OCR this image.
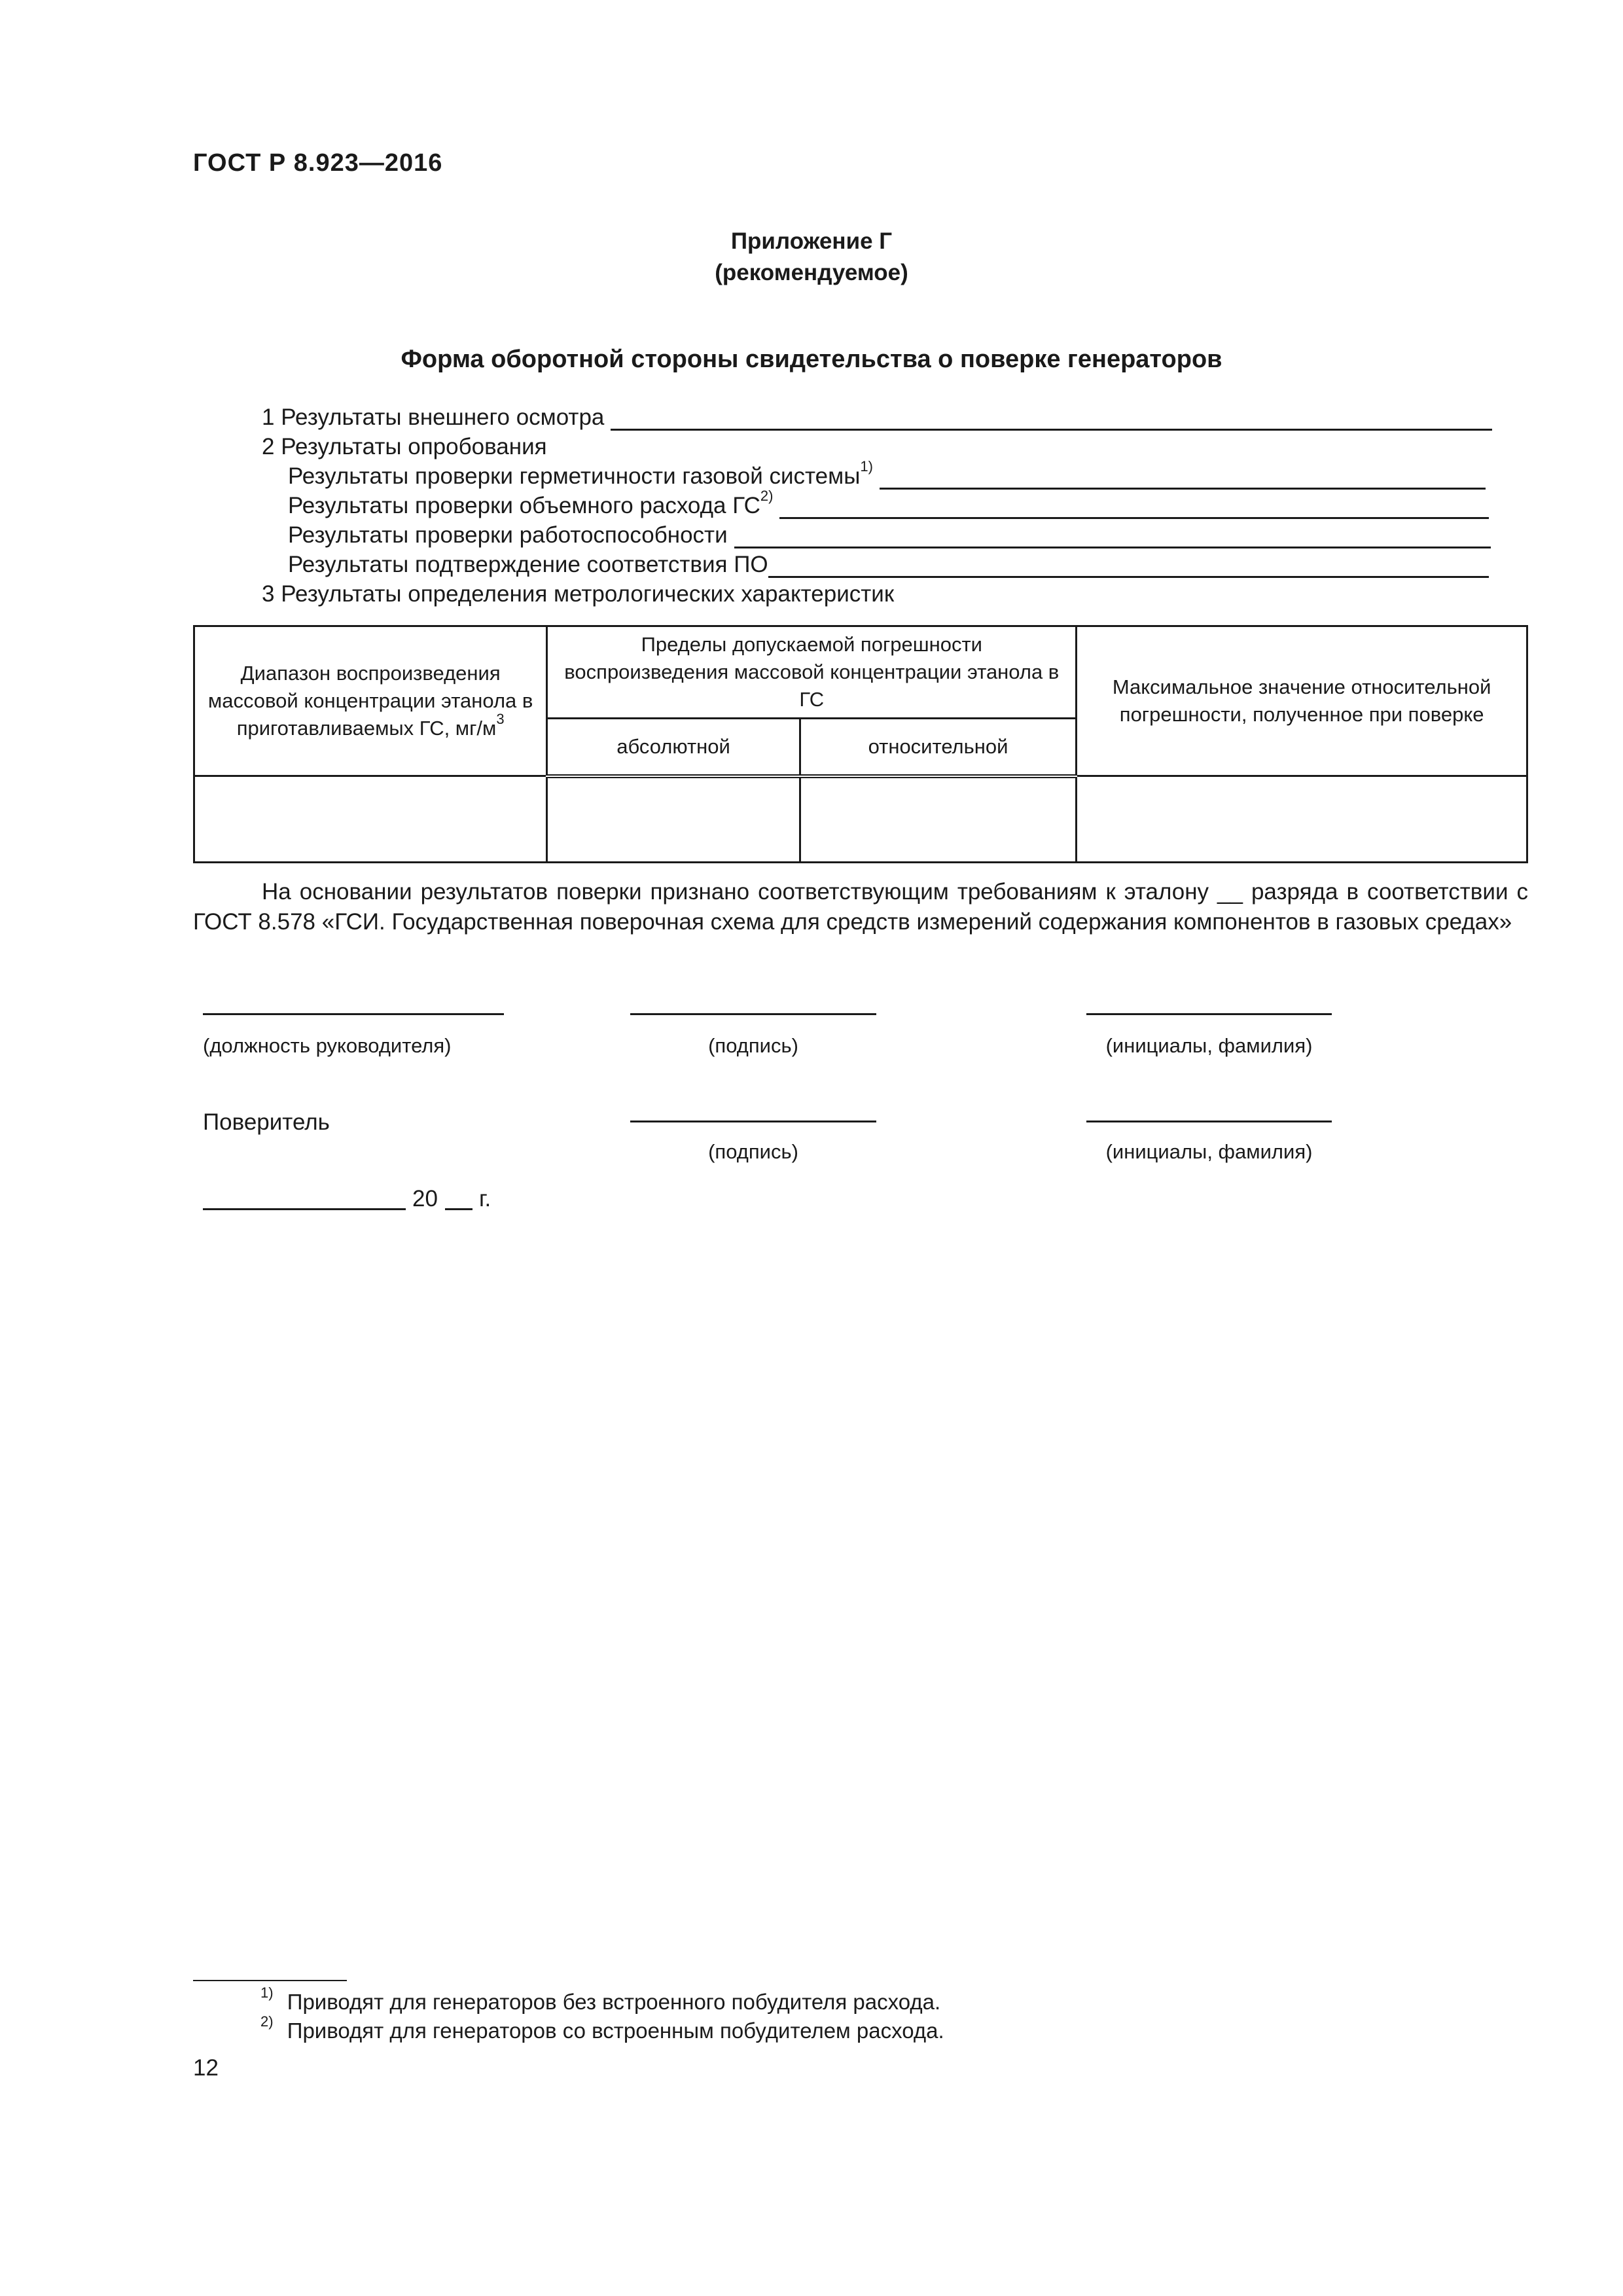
ГОСТ Р 8.923—2016
Приложение Г
(рекомендуемое)
Форма оборотной стороны свидетельства о поверке генераторов
1 Результаты внешнего осмотра
2 Результаты опробования
Результаты проверки герметичности газовой системы$^{1)}$
Результаты проверки объемного расхода ГС$^{2)}$
Результаты проверки работоспособности
Результаты подтверждение соответствия ПО
3 Результаты определения метрологических характеристик
Диапазон воспроизведения массовой концентрации этанола в приготавливаемых ГС, $мг/м^3$	Пределы допускаемой погрешности воспроизведения массовой концентрации этанола в ГС		Максимальное значение относительной погрешности, полученное при поверке
	абсолютной	относительной	

На основании результатов поверки признано соответствующим требованиям к эталону __ разряда в соответствии с ГОСТ 8.578 «ГСИ. Государственная поверочная схема для средств измерений содержания компонентов в газовых средах»
(должность руководителя)	(подпись)	(инициалы, фамилия)
Поверитель
(подпись)	(инициалы, фамилия)
20 г.
$^{1)}$ Приводят для генераторов без встроенного побудителя расхода.
$^{2)}$ Приводят для генераторов со встроенным побудителем расхода.
12
